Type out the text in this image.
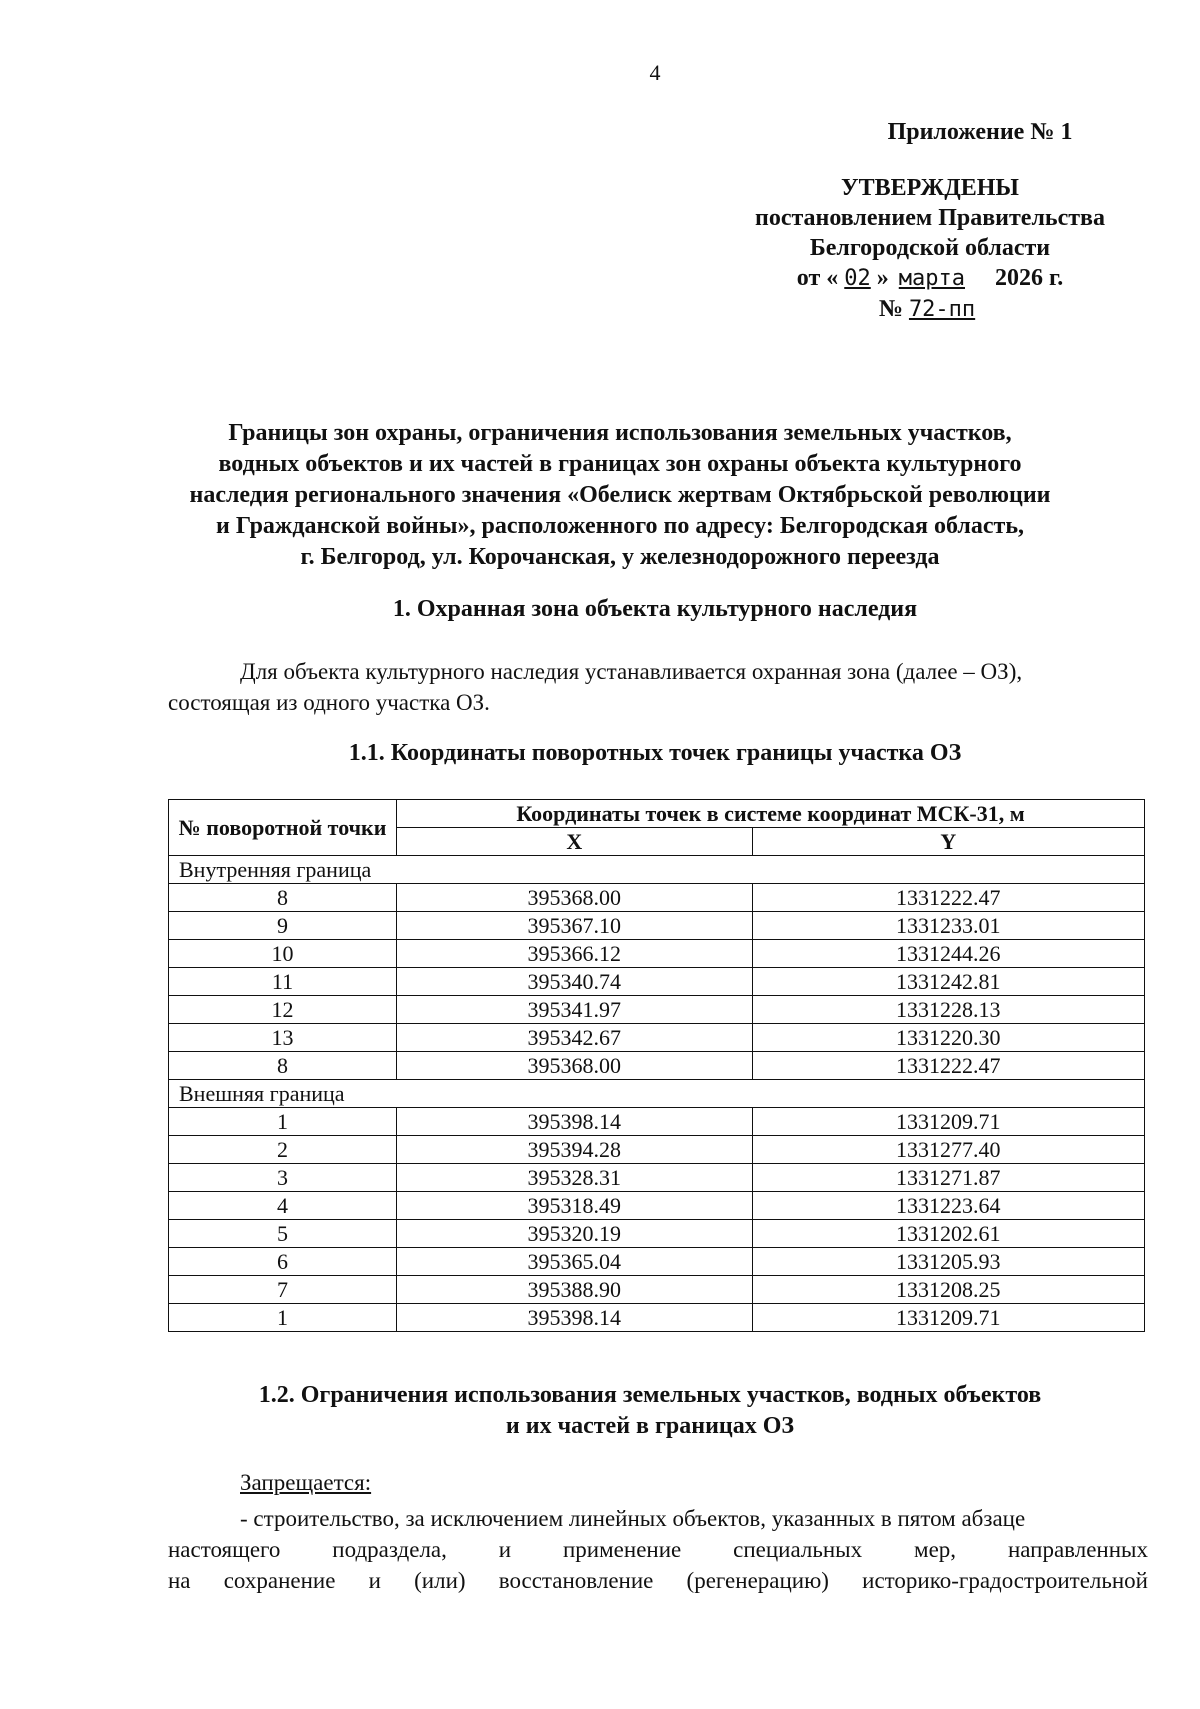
4
Приложение № 1
УТВЕРЖДЕНЫ
постановлением Правительства
Белгородской области
от « 02 » марта 2026 г.
№ 72-пп
Границы зон охраны, ограничения использования земельных участков,
водных объектов и их частей в границах зон охраны объекта культурного
наследия регионального значения «Обелиск жертвам Октябрьской революции
и Гражданской войны», расположенного по адресу: Белгородская область,
г. Белгород, ул. Корочанская, у железнодорожного переезда
1. Охранная зона объекта культурного наследия
Для объекта культурного наследия устанавливается охранная зона (далее – ОЗ),
состоящая из одного участка ОЗ.
1.1. Координаты поворотных точек границы участка ОЗ
№ поворотной точки	Координаты точек в системе координат МСК-31, м	
	X	Y
Внутренняя граница		
8	395368.00	1331222.47
9	395367.10	1331233.01
10	395366.12	1331244.26
11	395340.74	1331242.81
12	395341.97	1331228.13
13	395342.67	1331220.30
8	395368.00	1331222.47
Внешняя граница		
1	395398.14	1331209.71
2	395394.28	1331277.40
3	395328.31	1331271.87
4	395318.49	1331223.64
5	395320.19	1331202.61
6	395365.04	1331205.93
7	395388.90	1331208.25
1	395398.14	1331209.71
1.2. Ограничения использования земельных участков, водных объектов
и их частей в границах ОЗ
Запрещается:
- строительство, за исключением линейных объектов, указанных в пятом абзаце
настоящего подраздела, и применение специальных мер, направленных
на сохранение и (или) восстановление (регенерацию) историко-градостроительной
